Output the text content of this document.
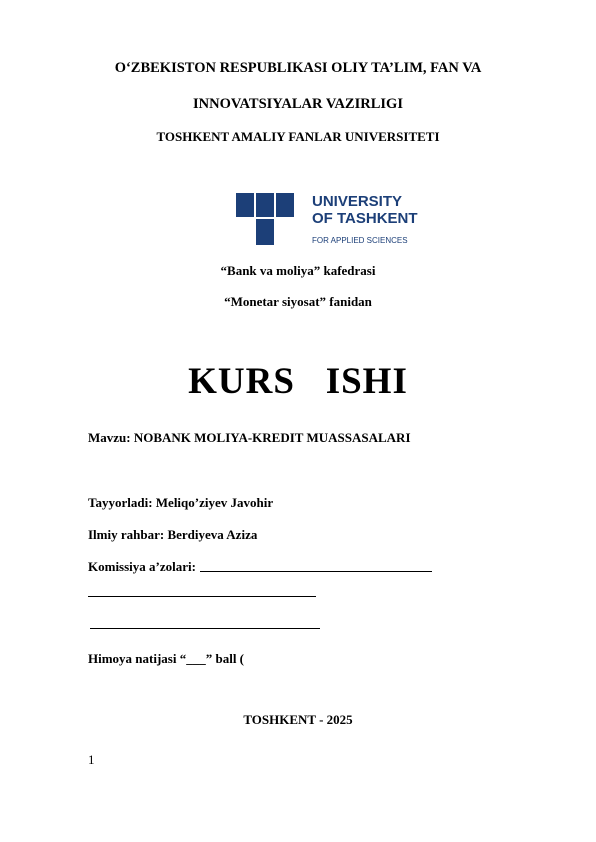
O‘ZBEKISTON RESPUBLIKASI OLIY TA’LIM, FAN VA
INNOVATSIYALAR VAZIRLIGI
TOSHKENT AMALIY FANLAR UNIVERSITETI
UNIVERSITY
OF TASHKENT
FOR APPLIED SCIENCES
“Bank va moliya” kafedrasi
“Monetar siyosat” fanidan
KURS   ISHI
Mavzu: NOBANK MOLIYA-KREDIT MUASSASALARI
Tayyorladi: Meliqo’ziyev Javohir
Ilmiy rahbar: Berdiyeva Aziza
Komissiya a’zolari:
Himoya natijasi “___” ball (
TOSHKENT - 2025
1
